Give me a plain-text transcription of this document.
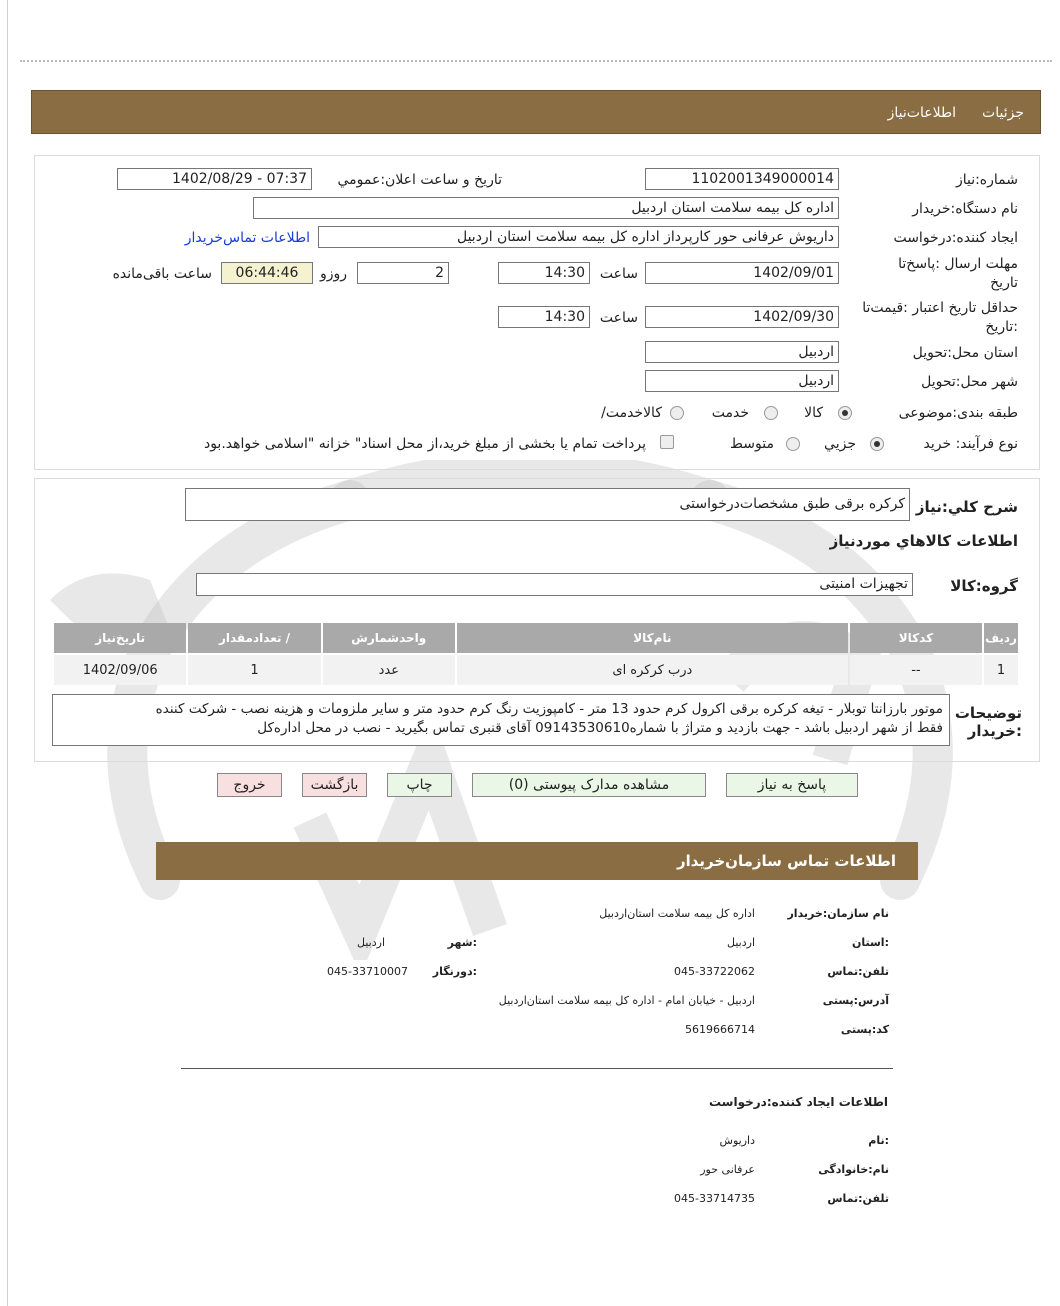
جزئیات
اطلاعات‌نیاز
شماره:نیاز
1102001349000014
تاریخ و ساعت اعلان:عمومي
1402/08/29 - 07:37
نام دستگاه:خریدار
اداره کل بیمه سلامت استان اردبیل
ایجاد کننده:درخواست
داریوش عرفانی حور کارپرداز اداره کل بیمه سلامت استان اردبیل
اطلاعات تماس‌خریدار
مهلت ارسال :پاسخ‌تا
تاریخ
1402/09/01
ساعت
14:30
2
روزو
06:44:46
ساعت باقی‌مانده
حداقل تاریخ اعتبار :قیمت‌تا
تاریخ:
1402/09/30
ساعت
14:30
استان محل:تحویل
اردبیل
شهر محل:تحویل
اردبیل
طبقه بندی:موضوعی
کالا
خدمت
/کالاخدمت
نوع فرآیند: خرید
جزیي
متوسط
پرداخت تمام یا بخشی از مبلغ خرید،از محل اسناد" خزانه "اسلامی خواهد.بود
شرح کلي:نیاز
کرکره برقی طبق مشخصات‌درخواستی
اطلاعات کالاهاي موردنیاز
گروه:کالا
تجهیزات امنیتی
ردیف	کدکالا	نام‌کالا	واحدشمارش	/ تعدادمقدار	تاریخ‌نیاز
1	--	درب کرکره ای	عدد	1	1402/09/06
توضیحات
خریدار:
موتور بارزانتا توبلار - تیغه کرکره برقی اکرول کرم حدود 13 متر - کامپوزیت رنگ کرم حدود متر و سایر ملزومات و هزینه نصب - شرکت کننده
فقط از شهر اردبیل باشد - جهت بازدید و متراژ با شماره09143530610 آقای قنبری تماس بگیرید - نصب در محل اداره‌کل
پاسخ به نیاز
مشاهده مدارک پیوستی (0)
چاپ
بازگشت
خروج
اطلاعات تماس سازمان‌خریدار
نام سازمان:خریدار
اداره کل بیمه سلامت استان‌اردبیل
استان:
اردبیل
شهر:
اردبیل
تلفن:تماس
045-33722062
دورنگار:
045-33710007
آدرس:پستی
اردبیل - خیابان امام - اداره کل بیمه سلامت استان‌اردبیل
کد:پستی
5619666714
اطلاعات ایجاد کننده:درخواست
نام:
داریوش
نام:خانوادگی
عرفانی حور
تلفن:تماس
045-33714735
